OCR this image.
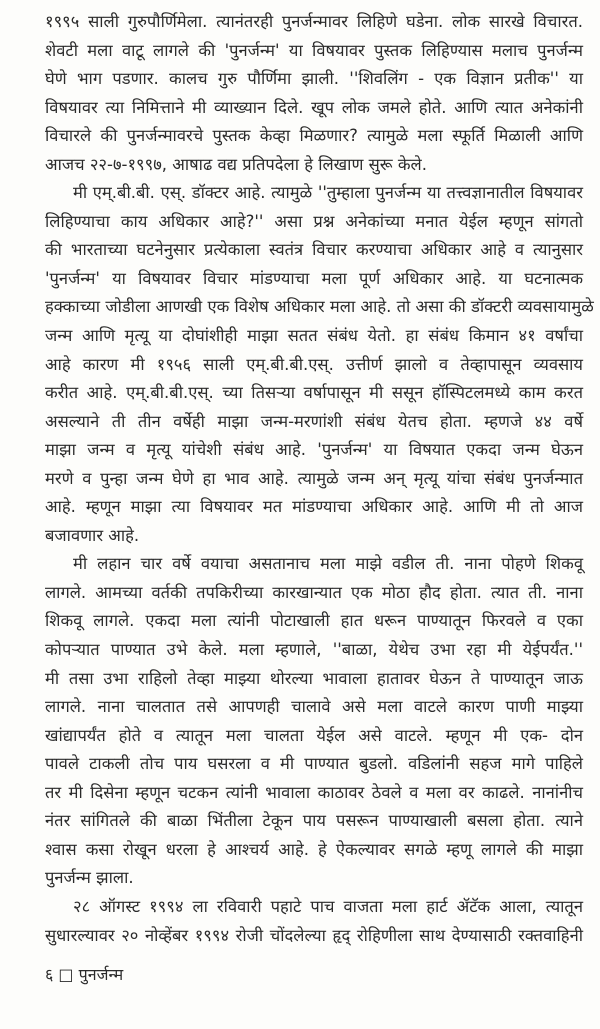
१९९५ साली गुरुपौर्णिमेला. त्यानंतरही पुनर्जन्मावर लिहिणे घडेना. लोक सारखे विचारत.
शेवटी मला वाटू लागले की 'पुनर्जन्म' या विषयावर पुस्तक लिहिण्यास मलाच पुनर्जन्म
घेणे भाग पडणार. कालच गुरु पौर्णिमा झाली. ''शिवलिंग - एक विज्ञान प्रतीक'' या
विषयावर त्या निमित्ताने मी व्याख्यान दिले. खूप लोक जमले होते. आणि त्यात अनेकांनी
विचारले की पुनर्जन्मावरचे पुस्तक केव्हा मिळणार? त्यामुळे मला स्फूर्ति मिळाली आणि
आजच २२-७-१९९७, आषाढ वद्य प्रतिपदेला हे लिखाण सुरू केले.
मी एम्.बी.बी. एस्. डॉक्टर आहे. त्यामुळे ''तुम्हाला पुनर्जन्म या तत्त्वज्ञानातील विषयावर
लिहिण्याचा काय अधिकार आहे?'' असा प्रश्न अनेकांच्या मनात येईल म्हणून सांगतो
की भारताच्या घटनेनुसार प्रत्येकाला स्वतंत्र विचार करण्याचा अधिकार आहे व त्यानुसार
'पुनर्जन्म' या विषयावर विचार मांडण्याचा मला पूर्ण अधिकार आहे. या घटनात्मक
हक्काच्या जोडीला आणखी एक विशेष अधिकार मला आहे. तो असा की डॉक्टरी व्यवसायामुळे
जन्म आणि मृत्यू या दोघांशीही माझा सतत संबंध येतो. हा संबंध किमान ४१ वर्षांचा
आहे कारण मी १९५६ साली एम्.बी.बी.एस्. उत्तीर्ण झालो व तेव्हापासून व्यवसाय
करीत आहे. एम्.बी.बी.एस्. च्या तिसऱ्या वर्षापासून मी ससून हॉस्पिटलमध्ये काम करत
असल्याने ती तीन वर्षेही माझा जन्म-मरणांशी संबंध येतच होता. म्हणजे ४४ वर्षे
माझा जन्म व मृत्यू यांचेशी संबंध आहे. 'पुनर्जन्म' या विषयात एकदा जन्म घेऊन
मरणे व पुन्हा जन्म घेणे हा भाव आहे. त्यामुळे जन्म अन् मृत्यू यांचा संबंध पुनर्जन्मात
आहे. म्हणून माझा त्या विषयावर मत मांडण्याचा अधिकार आहे. आणि मी तो आज
बजावणार आहे.
मी लहान चार वर्षे वयाचा असतानाच मला माझे वडील ती. नाना पोहणे शिकवू
लागले. आमच्या वर्तकी तपकिरीच्या कारखान्यात एक मोठा हौद होता. त्यात ती. नाना
शिकवू लागले. एकदा मला त्यांनी पोटाखाली हात धरून पाण्यातून फिरवले व एका
कोपऱ्यात पाण्यात उभे केले. मला म्हणाले, ''बाळा, येथेच उभा रहा मी येईपर्यंत.''
मी तसा उभा राहिलो तेव्हा माझ्या थोरल्या भावाला हातावर घेऊन ते पाण्यातून जाऊ
लागले. नाना चालतात तसे आपणही चालावे असे मला वाटले कारण पाणी माझ्या
खांद्यापर्यंत होते व त्यातून मला चालता येईल असे वाटले. म्हणून मी एक- दोन
पावले टाकली तोच पाय घसरला व मी पाण्यात बुडलो. वडिलांनी सहज मागे पाहिले
तर मी दिसेना म्हणून चटकन त्यांनी भावाला काठावर ठेवले व मला वर काढले. नानांनीच
नंतर सांगितले की बाळा भिंतीला टेकून पाय पसरून पाण्याखाली बसला होता. त्याने
श्वास कसा रोखून धरला हे आश्चर्य आहे. हे ऐकल्यावर सगळे म्हणू लागले की माझा
पुनर्जन्म झाला.
२८ ऑगस्ट १९९४ ला रविवारी पहाटे पाच वाजता मला हार्ट ॲटॅक आला, त्यातून
सुधारल्यावर २० नोव्हेंबर १९९४ रोजी चोंदलेल्या हृद् रोहिणीला साथ देण्यासाठी रक्तवाहिनी
६ □ पुनर्जन्म
